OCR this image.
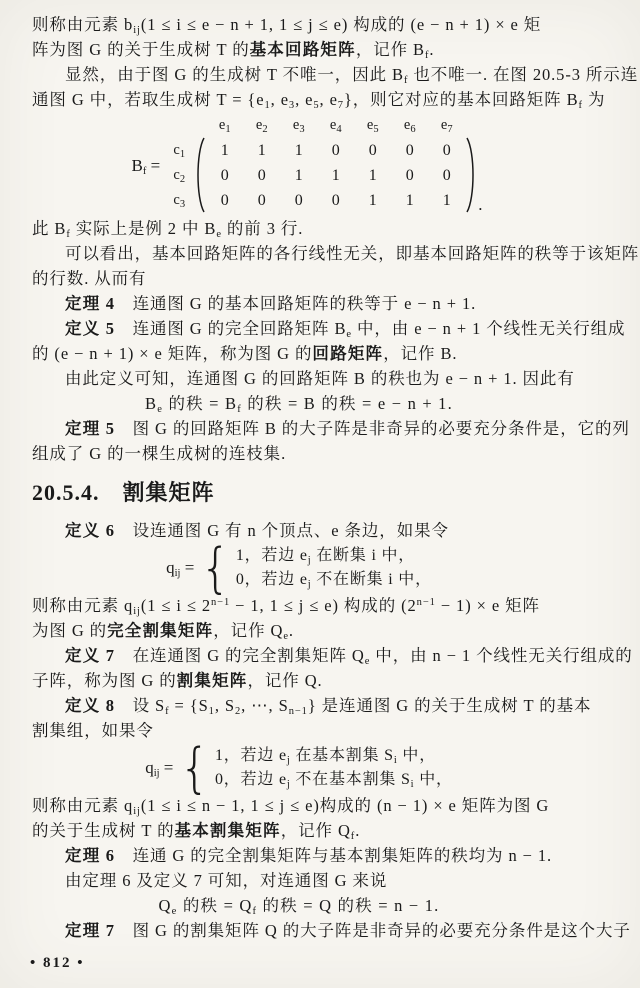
则称由元素 $b_{ij}(1 \le i \le e - n + 1$, 1 ≤ j ≤ e) 构成的 (e − n + 1) × e 矩
阵为图 G 的关于生成树 T 的基本回路矩阵，记作 $B_f$.
显然，由于图 G 的生成树 T 不唯一，因此 $B_f$ 也不唯一. 在图 20.5-3 所示连
通图 G 中，若取生成树 $T = \{e_1$, $e_3$, $e_5$, $e_7$}，则它对应的基本回路矩阵 $B_f$ 为
$B_f$ =
$e_1$	$e_2$	$e_3$	$e_4$	$e_5$	$e_6$	$e_7$
$c_1$
$c_2$
$c_3$
1	1	1	0	0	0	0
0	0	1	1	1	0	0
0	0	0	0	1	1	1	.
此 $B_f$ 实际上是例 2 中 $B_e$ 的前 3 行.
可以看出，基本回路矩阵的各行线性无关，即基本回路矩阵的秩等于该矩阵
的行数. 从而有
定理 4　连通图 G 的基本回路矩阵的秩等于 e − n + 1.
定义 5　连通图 G 的完全回路矩阵 $B_e$ 中，由 e − n + 1 个线性无关行组成
的 (e − n + 1) × e 矩阵，称为图 G 的回路矩阵，记作 B.
由此定义可知，连通图 G 的回路矩阵 B 的秩也为 e − n + 1. 因此有
$B_e$ 的秩 = $B_f$ 的秩 = B 的秩 = e − n + 1.
定理 5　图 G 的回路矩阵 B 的大子阵是非奇异的必要充分条件是，它的列
组成了 G 的一棵生成树的连枝集.
20.5.4.　割集矩阵
定义 6　设连通图 G 有 n 个顶点、e 条边，如果令
$q_{ij}$ = { 1，若边 $e_j$ 在断集 i 中，
0，若边 $e_j$ 不在断集 i 中，
则称由元素 $q_{ij}(1 \le i \le 2^{n-1} - 1$, 1 ≤ j ≤ e) 构成的 $(2^{n-1} - 1) \times e$ 矩阵
为图 G 的完全割集矩阵，记作 $Q_e$.
定义 7　在连通图 G 的完全割集矩阵 $Q_e$ 中，由 n − 1 个线性无关行组成的
子阵，称为图 G 的割集矩阵，记作 Q.
定义 8　设 $S_f = \{S_1$, $S_2$, ⋯, $S_{n-1}$} 是连通图 G 的关于生成树 T 的基本
割集组，如果令
$q_{ij}$ = { 1，若边 $e_j$ 在基本割集 $S_i$ 中，
0，若边 $e_j$ 不在基本割集 $S_i$ 中，
则称由元素 $q_{ij}(1 \le i \le n - 1$, 1 ≤ j ≤ e)构成的 (n − 1) × e 矩阵为图 G
的关于生成树 T 的基本割集矩阵，记作 $Q_f$.
定理 6　连通 G 的完全割集矩阵与基本割集矩阵的秩均为 n − 1.
由定理 6 及定义 7 可知，对连通图 G 来说
$Q_e$ 的秩 = $Q_f$ 的秩 = Q 的秩 = n − 1.
定理 7　图 G 的割集矩阵 Q 的大子阵是非奇异的必要充分条件是这个大子
• 812 •
